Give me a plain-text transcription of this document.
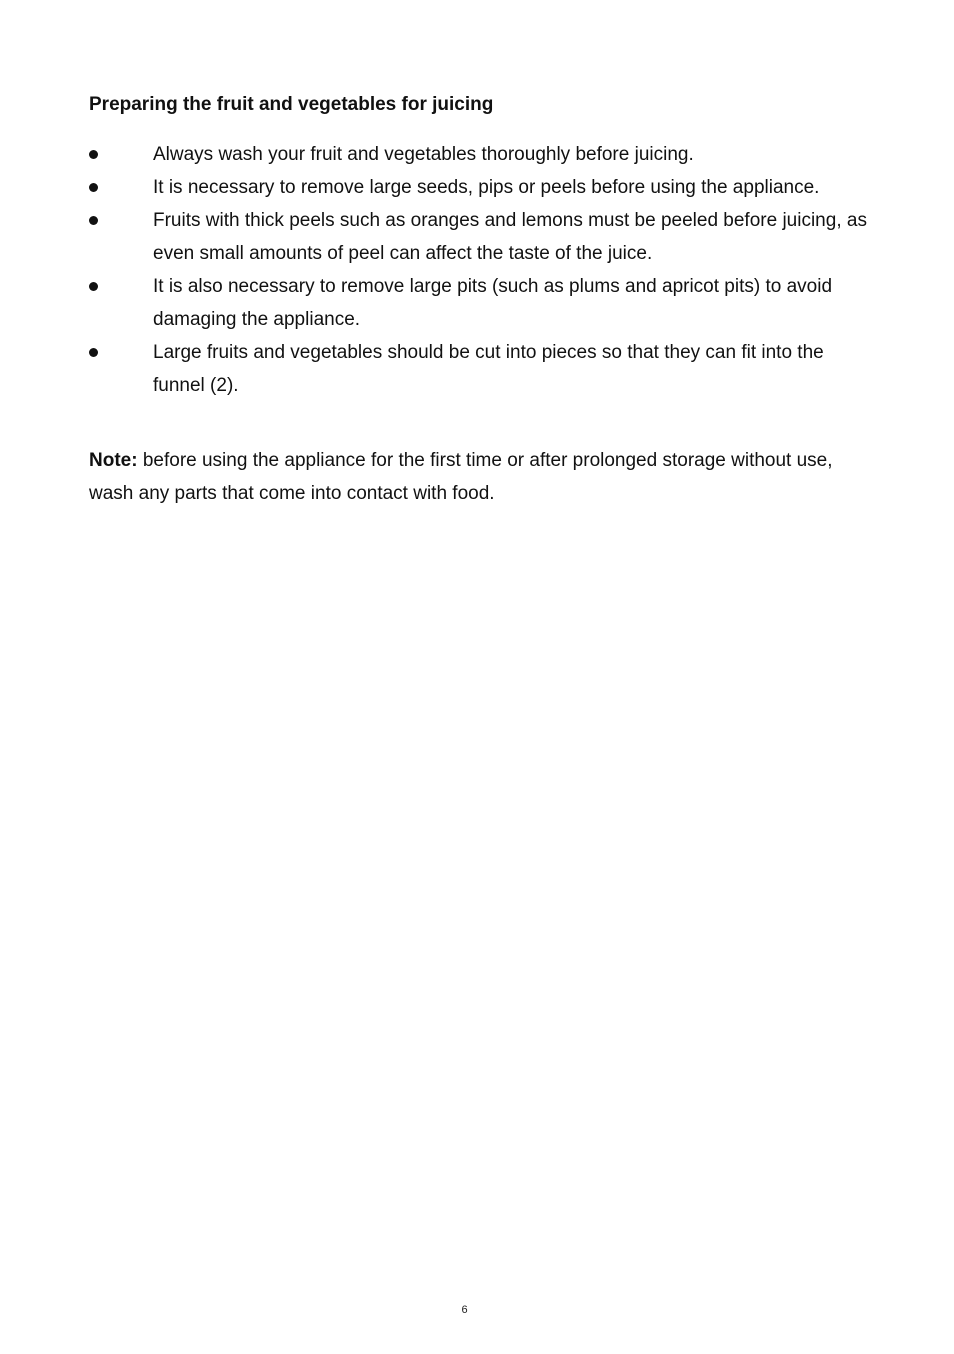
Preparing the fruit and vegetables for juicing
Always wash your fruit and vegetables thoroughly before juicing.
It is necessary to remove large seeds, pips or peels before using the appliance.
Fruits with thick peels such as oranges and lemons must be peeled before juicing, as even small amounts of peel can affect the taste of the juice.
It is also necessary to remove large pits (such as plums and apricot pits) to avoid damaging the appliance.
Large fruits and vegetables should be cut into pieces so that they can fit into the funnel (2).
Note: before using the appliance for the first time or after prolonged storage without use, wash any parts that come into contact with food.
6
